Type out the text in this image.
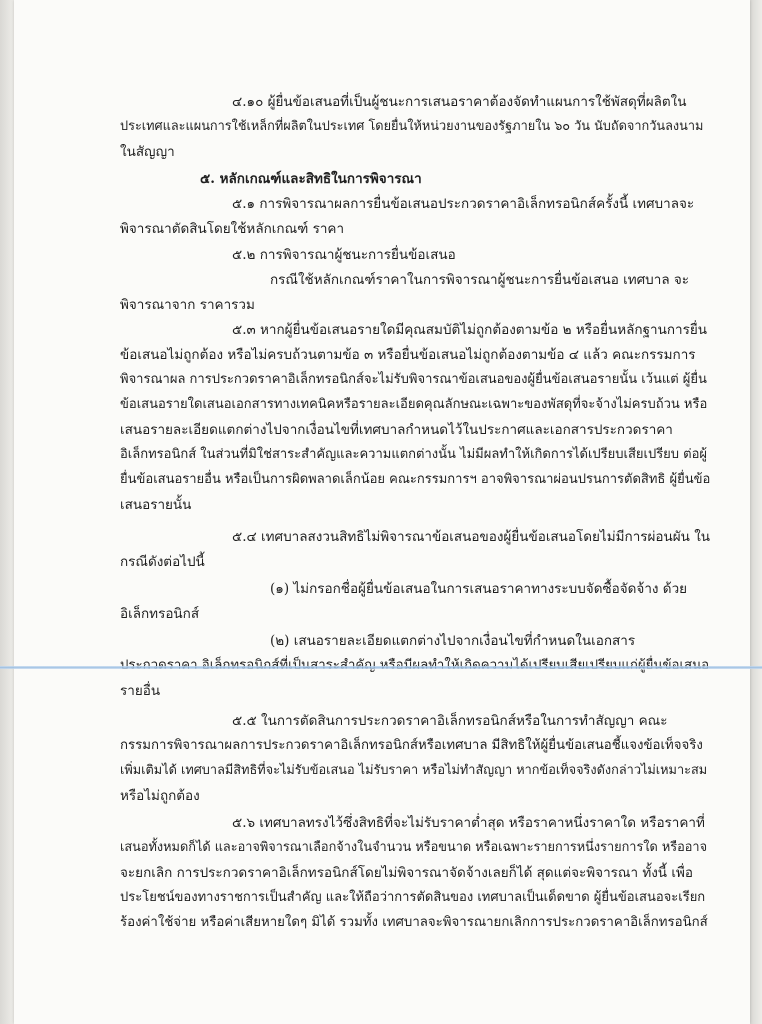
๔.๑๐ ผู้ยื่นข้อเสนอที่เป็นผู้ชนะการเสนอราคาต้องจัดทำแผนการใช้พัสดุที่ผลิตใน
ประเทศและแผนการใช้เหล็กที่ผลิตในประเทศ โดยยื่นให้หน่วยงานของรัฐภายใน ๖๐ วัน นับถัดจากวันลงนาม
ในสัญญา
๕. หลักเกณฑ์และสิทธิในการพิจารณา
๕.๑ การพิจารณาผลการยื่นข้อเสนอประกวดราคาอิเล็กทรอนิกส์ครั้งนี้ เทศบาลจะ
พิจารณาตัดสินโดยใช้หลักเกณฑ์ ราคา
๕.๒ การพิจารณาผู้ชนะการยื่นข้อเสนอ
กรณีใช้หลักเกณฑ์ราคาในการพิจารณาผู้ชนะการยื่นข้อเสนอ เทศบาล จะ
พิจารณาจาก ราคารวม
๕.๓ หากผู้ยื่นข้อเสนอรายใดมีคุณสมบัติไม่ถูกต้องตามข้อ ๒ หรือยื่นหลักฐานการยื่น
ข้อเสนอไม่ถูกต้อง หรือไม่ครบถ้วนตามข้อ ๓ หรือยื่นข้อเสนอไม่ถูกต้องตามข้อ ๔ แล้ว คณะกรรมการ
พิจารณาผล การประกวดราคาอิเล็กทรอนิกส์จะไม่รับพิจารณาข้อเสนอของผู้ยื่นข้อเสนอรายนั้น เว้นแต่ ผู้ยื่น
ข้อเสนอรายใดเสนอเอกสารทางเทคนิคหรือรายละเอียดคุณลักษณะเฉพาะของพัสดุที่จะจ้างไม่ครบถ้วน หรือ
เสนอรายละเอียดแตกต่างไปจากเงื่อนไขที่เทศบาลกำหนดไว้ในประกาศและเอกสารประกวดราคา
อิเล็กทรอนิกส์ ในส่วนที่มิใช่สาระสำคัญและความแตกต่างนั้น ไม่มีผลทำให้เกิดการได้เปรียบเสียเปรียบ ต่อผู้
ยื่นข้อเสนอรายอื่น หรือเป็นการผิดพลาดเล็กน้อย คณะกรรมการฯ อาจพิจารณาผ่อนปรนการตัดสิทธิ ผู้ยื่นข้อ
เสนอรายนั้น
๕.๔ เทศบาลสงวนสิทธิไม่พิจารณาข้อเสนอของผู้ยื่นข้อเสนอโดยไม่มีการผ่อนผัน ใน
กรณีดังต่อไปนี้
(๑) ไม่กรอกชื่อผู้ยื่นข้อเสนอในการเสนอราคาทางระบบจัดซื้อจัดจ้าง ด้วย
อิเล็กทรอนิกส์
(๒) เสนอรายละเอียดแตกต่างไปจากเงื่อนไขที่กำหนดในเอกสาร
รายอื่น
๕.๕ ในการตัดสินการประกวดราคาอิเล็กทรอนิกส์หรือในการทำสัญญา คณะ
กรรมการพิจารณาผลการประกวดราคาอิเล็กทรอนิกส์หรือเทศบาล มีสิทธิให้ผู้ยื่นข้อเสนอชี้แจงข้อเท็จจริง
เพิ่มเติมได้ เทศบาลมีสิทธิที่จะไม่รับข้อเสนอ ไม่รับราคา หรือไม่ทำสัญญา หากข้อเท็จจริงดังกล่าวไม่เหมาะสม
หรือไม่ถูกต้อง
๕.๖ เทศบาลทรงไว้ซึ่งสิทธิที่จะไม่รับราคาต่ำสุด หรือราคาหนึ่งราคาใด หรือราคาที่
เสนอทั้งหมดก็ได้ และอาจพิจารณาเลือกจ้างในจำนวน หรือขนาด หรือเฉพาะรายการหนึ่งรายการใด หรืออาจ
จะยกเลิก การประกวดราคาอิเล็กทรอนิกส์โดยไม่พิจารณาจัดจ้างเลยก็ได้ สุดแต่จะพิจารณา ทั้งนี้ เพื่อ
ประโยชน์ของทางราชการเป็นสำคัญ และให้ถือว่าการตัดสินของ เทศบาลเป็นเด็ดขาด ผู้ยื่นข้อเสนอจะเรียก
ร้องค่าใช้จ่าย หรือค่าเสียหายใดๆ มิได้ รวมทั้ง เทศบาลจะพิจารณายกเลิกการประกวดราคาอิเล็กทรอนิกส์
